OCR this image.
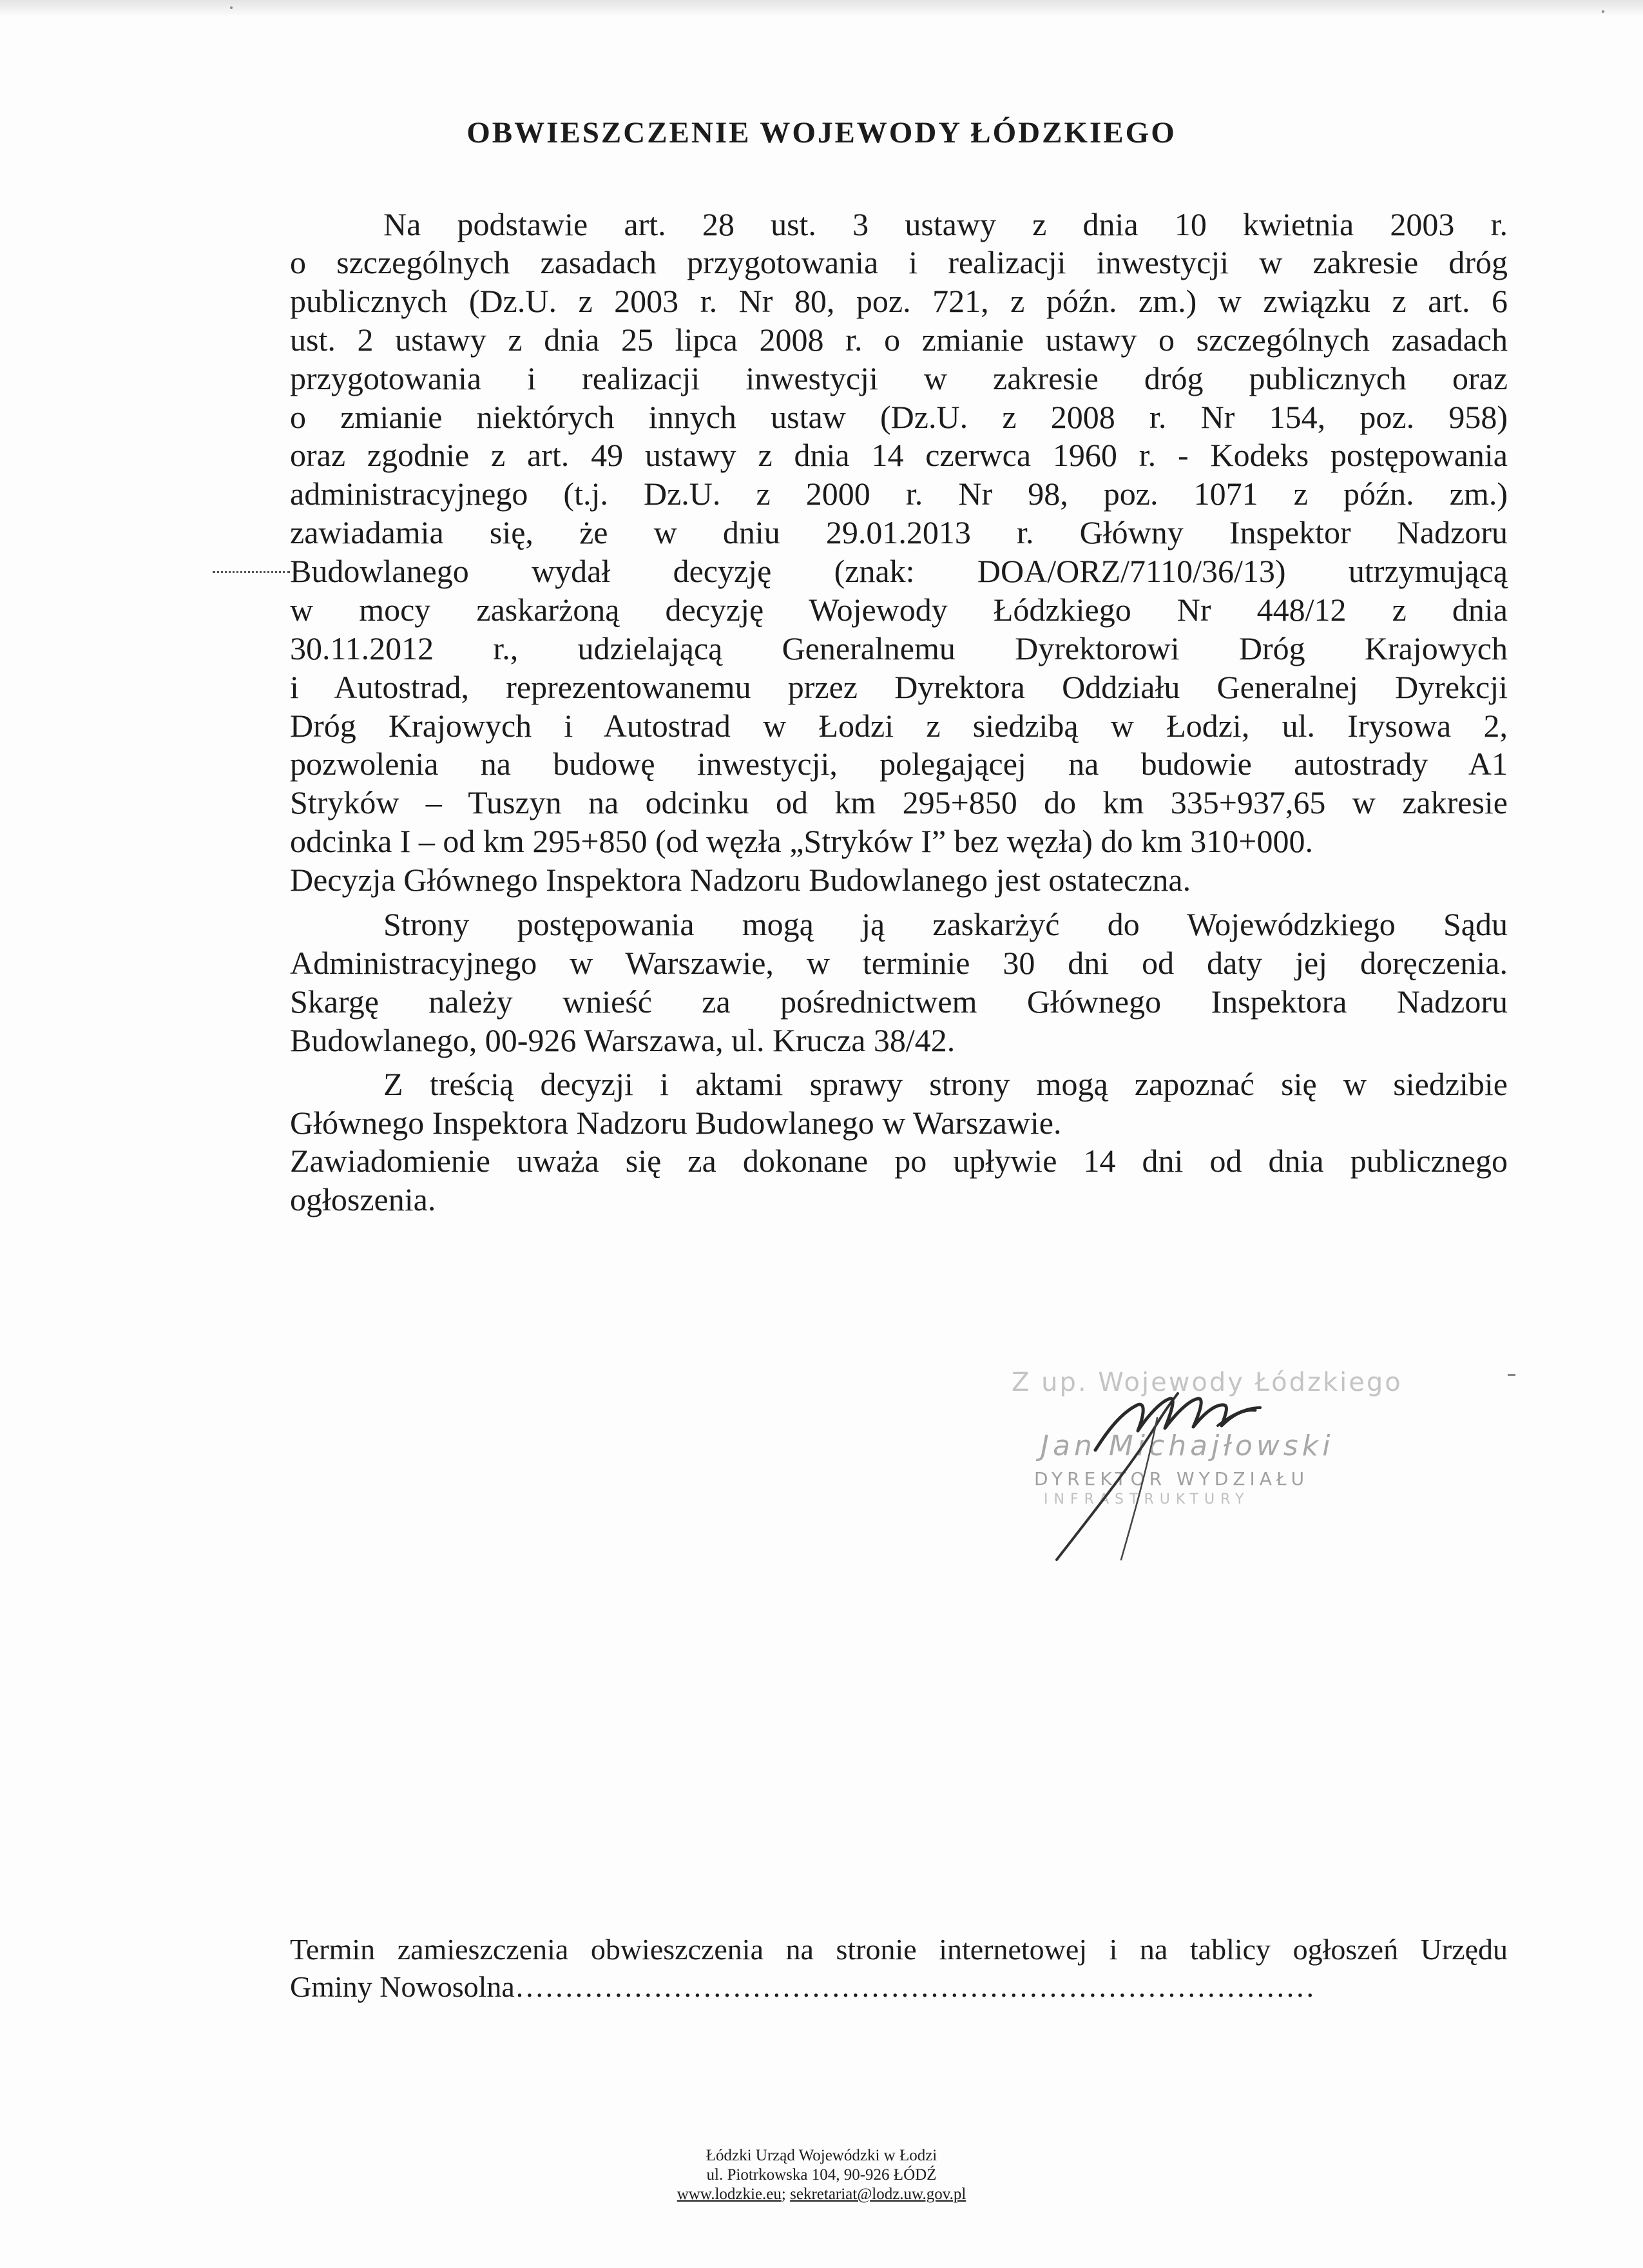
OBWIESZCZENIE WOJEWODY ŁÓDZKIEGO
Na podstawie art. 28 ust. 3 ustawy z dnia 10 kwietnia 2003 r.
o szczególnych zasadach przygotowania i realizacji inwestycji w zakresie dróg
publicznych (Dz.U. z 2003 r. Nr 80, poz. 721, z późn. zm.) w związku z art. 6
ust. 2 ustawy z dnia 25 lipca 2008 r. o zmianie ustawy o szczególnych zasadach
przygotowania i realizacji inwestycji w zakresie dróg publicznych oraz
o zmianie niektórych innych ustaw (Dz.U. z 2008 r. Nr 154, poz. 958)
oraz zgodnie z art. 49 ustawy z dnia 14 czerwca 1960 r. - Kodeks postępowania
administracyjnego (t.j. Dz.U. z 2000 r. Nr 98, poz. 1071 z późn. zm.)
zawiadamia się, że w dniu 29.01.2013 r. Główny Inspektor Nadzoru
Budowlanego wydał decyzję (znak: DOA/ORZ/7110/36/13) utrzymującą
w mocy zaskarżoną decyzję Wojewody Łódzkiego Nr 448/12 z dnia
30.11.2012 r., udzielającą Generalnemu Dyrektorowi Dróg Krajowych
i Autostrad, reprezentowanemu przez Dyrektora Oddziału Generalnej Dyrekcji
Dróg Krajowych i Autostrad w Łodzi z siedzibą w Łodzi, ul. Irysowa 2,
pozwolenia na budowę inwestycji, polegającej na budowie autostrady A1
Stryków – Tuszyn na odcinku od km 295+850 do km 335+937,65 w zakresie
odcinka I – od km 295+850 (od węzła „Stryków I” bez węzła) do km 310+000.
Decyzja Głównego Inspektora Nadzoru Budowlanego jest ostateczna.
Strony postępowania mogą ją zaskarżyć do Wojewódzkiego Sądu
Administracyjnego w Warszawie, w terminie 30 dni od daty jej doręczenia.
Skargę należy wnieść za pośrednictwem Głównego Inspektora Nadzoru
Budowlanego, 00-926 Warszawa, ul. Krucza 38/42.
Z treścią decyzji i aktami sprawy strony mogą zapoznać się w siedzibie
Głównego Inspektora Nadzoru Budowlanego w Warszawie.
Zawiadomienie uważa się za dokonane po upływie 14 dni od dnia publicznego
ogłoszenia.
Z up. Wojewody Łódzkiego
Jan Michajłowski
DYREKTOR WYDZIAŁU
INFRASTRUKTURY
Termin zamieszczenia obwieszczenia na stronie internetowej i na tablicy ogłoszeń Urzędu
Gminy Nowosolna………………………………………………………………………
Łódzki Urząd Wojewódzki w Łodzi
ul. Piotrkowska 104, 90-926 ŁÓDŹ
www.lodzkie.eu; sekretariat@lodz.uw.gov.pl
